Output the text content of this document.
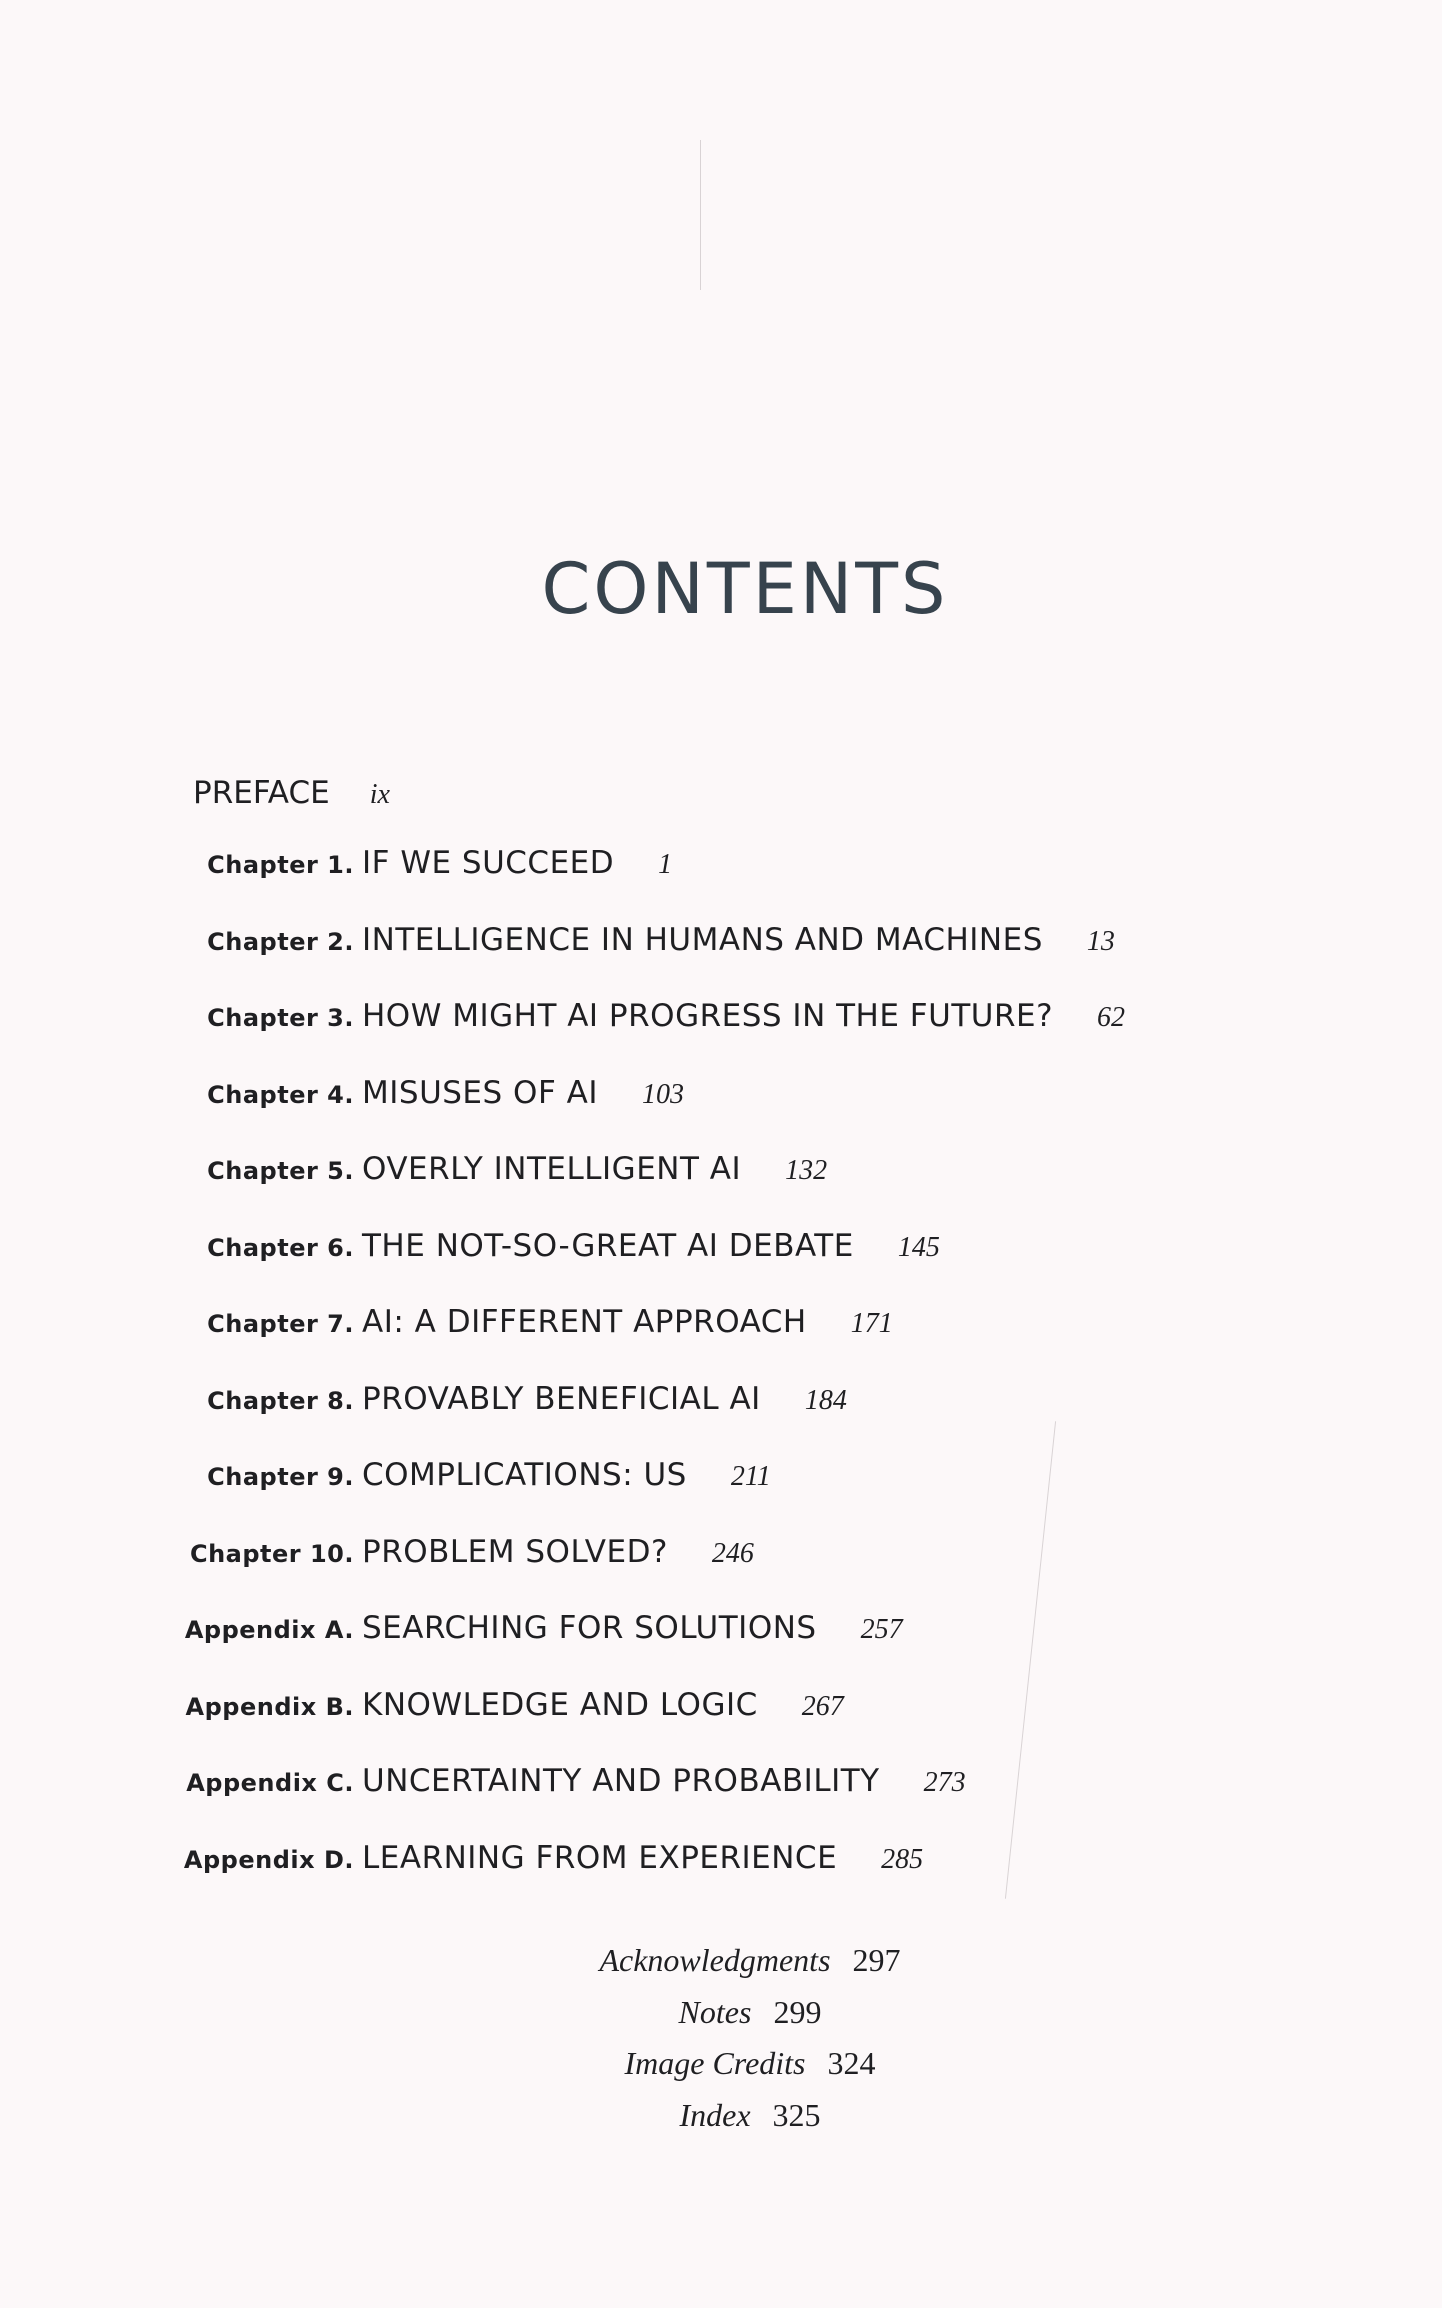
CONTENTS
PREFACE ix
Chapter 1. IF WE SUCCEED 1
Chapter 2. INTELLIGENCE IN HUMANS AND MACHINES 13
Chapter 3. HOW MIGHT AI PROGRESS IN THE FUTURE? 62
Chapter 4. MISUSES OF AI 103
Chapter 5. OVERLY INTELLIGENT AI 132
Chapter 6. THE NOT-SO-GREAT AI DEBATE 145
Chapter 7. AI: A DIFFERENT APPROACH 171
Chapter 8. PROVABLY BENEFICIAL AI 184
Chapter 9. COMPLICATIONS: US 211
Chapter 10. PROBLEM SOLVED? 246
Appendix A. SEARCHING FOR SOLUTIONS 257
Appendix B. KNOWLEDGE AND LOGIC 267
Appendix C. UNCERTAINTY AND PROBABILITY 273
Appendix D. LEARNING FROM EXPERIENCE 285
Acknowledgments 297
Notes 299
Image Credits 324
Index 325
